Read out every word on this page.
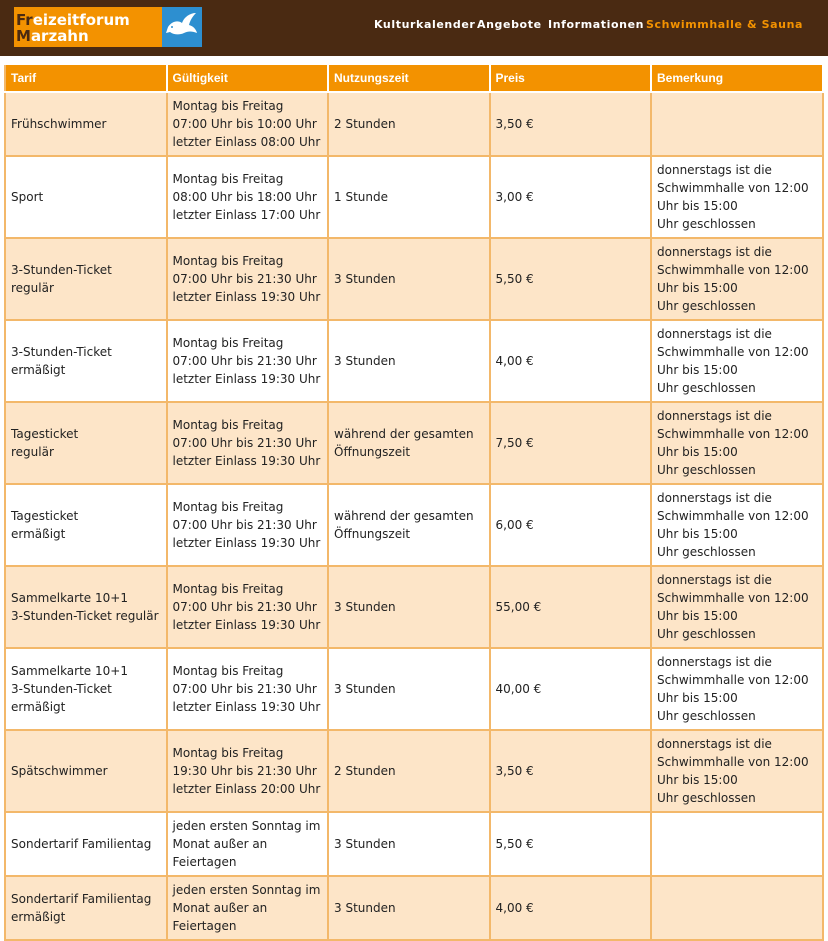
Freizeitforum
Marzahn
Kulturkalender Angebote Informationen Schwimmhalle & Sauna
Tarif	Gültigkeit	Nutzungszeit	Preis	Bemerkung
Frühschwimmer	Montag bis Freitag
07:00 Uhr bis 10:00 Uhr
letzter Einlass 08:00 Uhr	2 Stunden	3,50 €	
Sport	Montag bis Freitag
08:00 Uhr bis 18:00 Uhr
letzter Einlass 17:00 Uhr	1 Stunde	3,00 €	donnerstags ist die
Schwimmhalle von 12:00
Uhr bis 15:00
Uhr geschlossen
3-Stunden-Ticket
regulär	Montag bis Freitag
07:00 Uhr bis 21:30 Uhr
letzter Einlass 19:30 Uhr	3 Stunden	5,50 €	donnerstags ist die
Schwimmhalle von 12:00
Uhr bis 15:00
Uhr geschlossen
3-Stunden-Ticket
ermäßigt	Montag bis Freitag
07:00 Uhr bis 21:30 Uhr
letzter Einlass 19:30 Uhr	3 Stunden	4,00 €	donnerstags ist die
Schwimmhalle von 12:00
Uhr bis 15:00
Uhr geschlossen
Tagesticket
regulär	Montag bis Freitag
07:00 Uhr bis 21:30 Uhr
letzter Einlass 19:30 Uhr	während der gesamten
Öffnungszeit	7,50 €	donnerstags ist die
Schwimmhalle von 12:00
Uhr bis 15:00
Uhr geschlossen
Tagesticket
ermäßigt	Montag bis Freitag
07:00 Uhr bis 21:30 Uhr
letzter Einlass 19:30 Uhr	während der gesamten
Öffnungszeit	6,00 €	donnerstags ist die
Schwimmhalle von 12:00
Uhr bis 15:00
Uhr geschlossen
Sammelkarte 10+1
3-Stunden-Ticket regulär	Montag bis Freitag
07:00 Uhr bis 21:30 Uhr
letzter Einlass 19:30 Uhr	3 Stunden	55,00 €	donnerstags ist die
Schwimmhalle von 12:00
Uhr bis 15:00
Uhr geschlossen
Sammelkarte 10+1
3-Stunden-Ticket ermäßigt	Montag bis Freitag
07:00 Uhr bis 21:30 Uhr
letzter Einlass 19:30 Uhr	3 Stunden	40,00 €	donnerstags ist die
Schwimmhalle von 12:00
Uhr bis 15:00
Uhr geschlossen
Spätschwimmer	Montag bis Freitag
19:30 Uhr bis 21:30 Uhr
letzter Einlass 20:00 Uhr	2 Stunden	3,50 €	donnerstags ist die
Schwimmhalle von 12:00
Uhr bis 15:00
Uhr geschlossen
Sondertarif Familientag	jeden ersten Sonntag im
Monat außer an Feiertagen	3 Stunden	5,50 €	
Sondertarif Familientag
ermäßigt	jeden ersten Sonntag im
Monat außer an Feiertagen	3 Stunden	4,00 €	
